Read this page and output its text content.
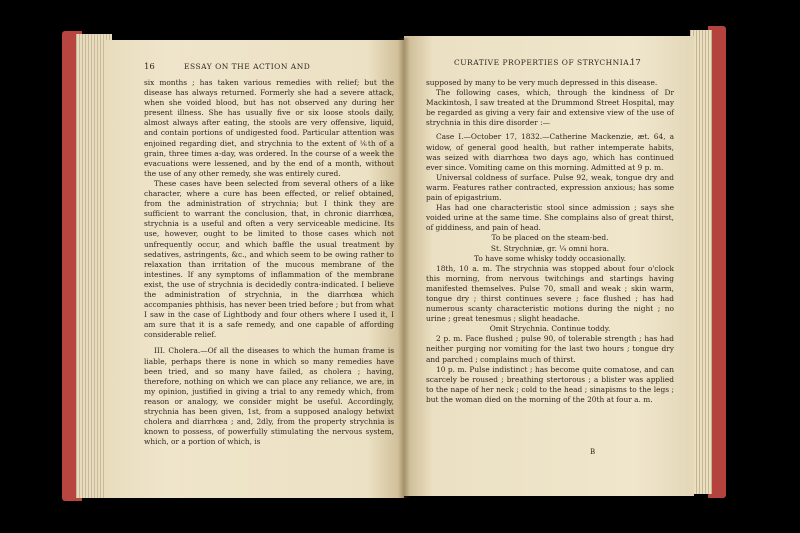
16	ESSAY ON THE ACTION AND

six months ; has taken various remedies with relief; but the disease has always returned. Formerly she had a severe attack, when she voided blood, but has not observed any during her present illness. She has usually five or six loose stools daily, almost always after eating, the stools are very offensive, liquid, and contain portions of undigested food. Particular attention was enjoined regarding diet, and strychnia to the extent of ⅙th of a grain, three times a-day, was ordered. In the course of a week the evacuations were lessened, and by the end of a month, without the use of any other remedy, she was entirely cured.

These cases have been selected from several others of a like character, where a cure has been effected, or relief obtained, from the administration of strychnia; but I think they are sufficient to warrant the conclusion, that, in chronic diarrhœa, strychnia is a useful and often a very serviceable medicine. Its use, however, ought to be limited to those cases which not unfrequently occur, and which baffle the usual treatment by sedatives, astringents, &c., and which seem to be owing rather to relaxation than irritation of the mucous membrane of the intestines. If any symptoms of inflammation of the membrane exist, the use of strychnia is decidedly contra-indicated. I believe the administration of strychnia, in the diarrhœa which accompanies phthisis, has never been tried before ; but from what I saw in the case of Lightbody and four others where I used it, I am sure that it is a safe remedy, and one capable of affording considerable relief.

III. Cholera.—Of all the diseases to which the human frame is liable, perhaps there is none in which so many remedies have been tried, and so many have failed, as cholera ; having, therefore, nothing on which we can place any reliance, we are, in my opinion, justified in giving a trial to any remedy which, from reason or analogy, we consider might be useful. Accordingly, strychnia has been given, 1st, from a supposed analogy betwixt cholera and diarrhœa ; and, 2dly, from the property strychnia is known to possess, of powerfully stimulating the nervous system, which, or a portion of which, is

CURATIVE PROPERTIES OF STRYCHNIA.
17

supposed by many to be very much depressed in this disease.

The following cases, which, through the kindness of Dr Mackintosh, I saw treated at the Drummond Street Hospital, may be regarded as giving a very fair and extensive view of the use of strychnia in this dire disorder :—

Case I.—October 17, 1832.—Catherine Mackenzie, æt. 64, a widow, of general good health, but rather intemperate habits, was seized with diarrhœa two days ago, which has continued ever since. Vomiting came on this morning. Admitted at 9 p. m.

Universal coldness of surface. Pulse 92, weak, tongue dry and warm. Features rather contracted, expression anxious; has some pain of epigastrium.

Has had one characteristic stool since admission ; says she voided urine at the same time. She complains also of great thirst, of giddiness, and pain of head.

To be placed on the steam-bed.

St. Strychniæ, gr. ¼ omni hora.

To have some whisky toddy occasionally.

18th, 10 a. m. The strychnia was stopped about four o'clock this morning, from nervous twitchings and startings having manifested themselves. Pulse 70, small and weak ; skin warm, tongue dry ; thirst continues severe ; face flushed ; has had numerous scanty characteristic motions during the night ; no urine ; great tenesmus ; slight headache.

Omit Strychnia. Continue toddy.

2 p. m. Face flushed ; pulse 90, of tolerable strength ; has had neither purging nor vomiting for the last two hours ; tongue dry and parched ; complains much of thirst.

10 p. m. Pulse indistinct ; has become quite comatose, and can scarcely be roused ; breathing stertorous ; a blister was applied to the nape of her neck ; cold to the head ; sinapisms to the legs ; but the woman died on the morning of the 20th at four a. m.

B
